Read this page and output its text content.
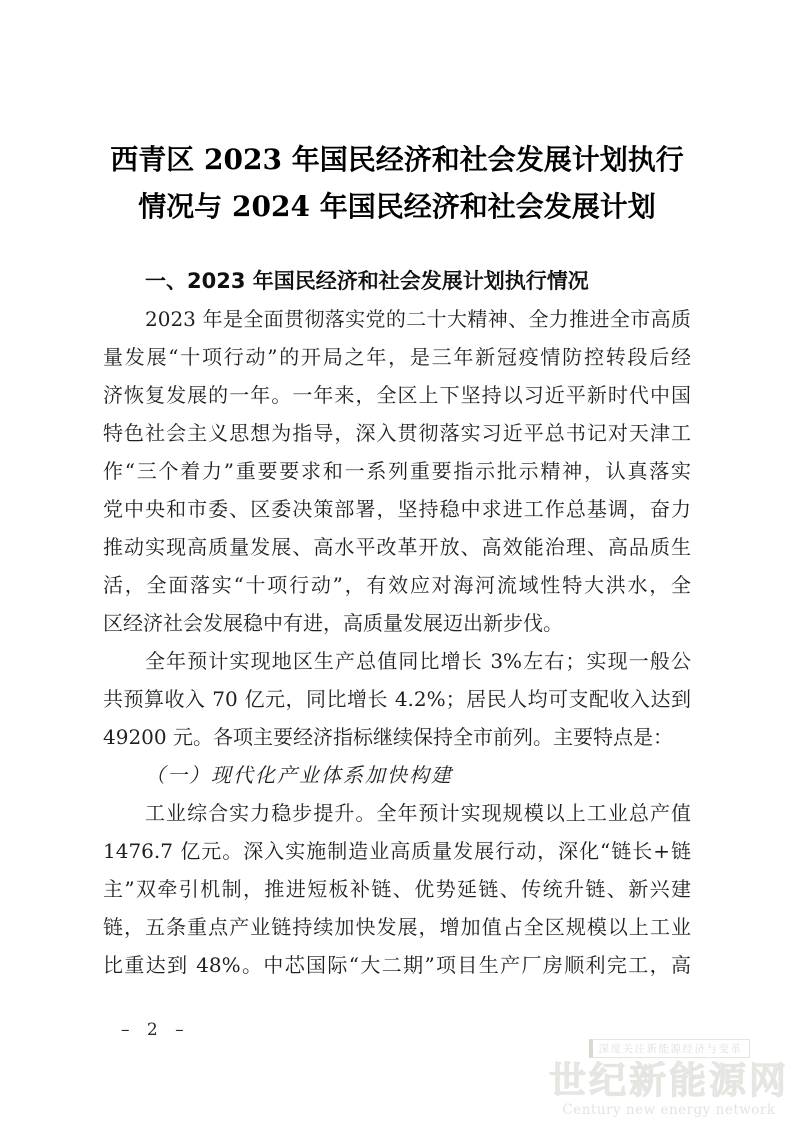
西青区 2023 年国民经济和社会发展计划执行
情况与 2024 年国民经济和社会发展计划
一、2023 年国民经济和社会发展计划执行情况
2023 年是全面贯彻落实党的二十大精神、全力推进全市高质
量发展“十项行动”的开局之年，是三年新冠疫情防控转段后经
济恢复发展的一年。一年来，全区上下坚持以习近平新时代中国
特色社会主义思想为指导，深入贯彻落实习近平总书记对天津工
作“三个着力”重要要求和一系列重要指示批示精神，认真落实
党中央和市委、区委决策部署，坚持稳中求进工作总基调，奋力
推动实现高质量发展、高水平改革开放、高效能治理、高品质生
活，全面落实“十项行动”，有效应对海河流域性特大洪水，全
区经济社会发展稳中有进，高质量发展迈出新步伐。
全年预计实现地区生产总值同比增长 3%左右；实现一般公
共预算收入 70 亿元，同比增长 4.2%；居民人均可支配收入达到
49200 元。各项主要经济指标继续保持全市前列。主要特点是：
（一）现代化产业体系加快构建
工业综合实力稳步提升。全年预计实现规模以上工业总产值
1476.7 亿元。深入实施制造业高质量发展行动，深化“链长+链
主”双牵引机制，推进短板补链、优势延链、传统升链、新兴建
链，五条重点产业链持续加快发展，增加值占全区规模以上工业
比重达到 48%。中芯国际“大二期”项目生产厂房顺利完工，高
– 2 –
深度关注新能源经济与变革
世纪新能源网
Century new energy network
